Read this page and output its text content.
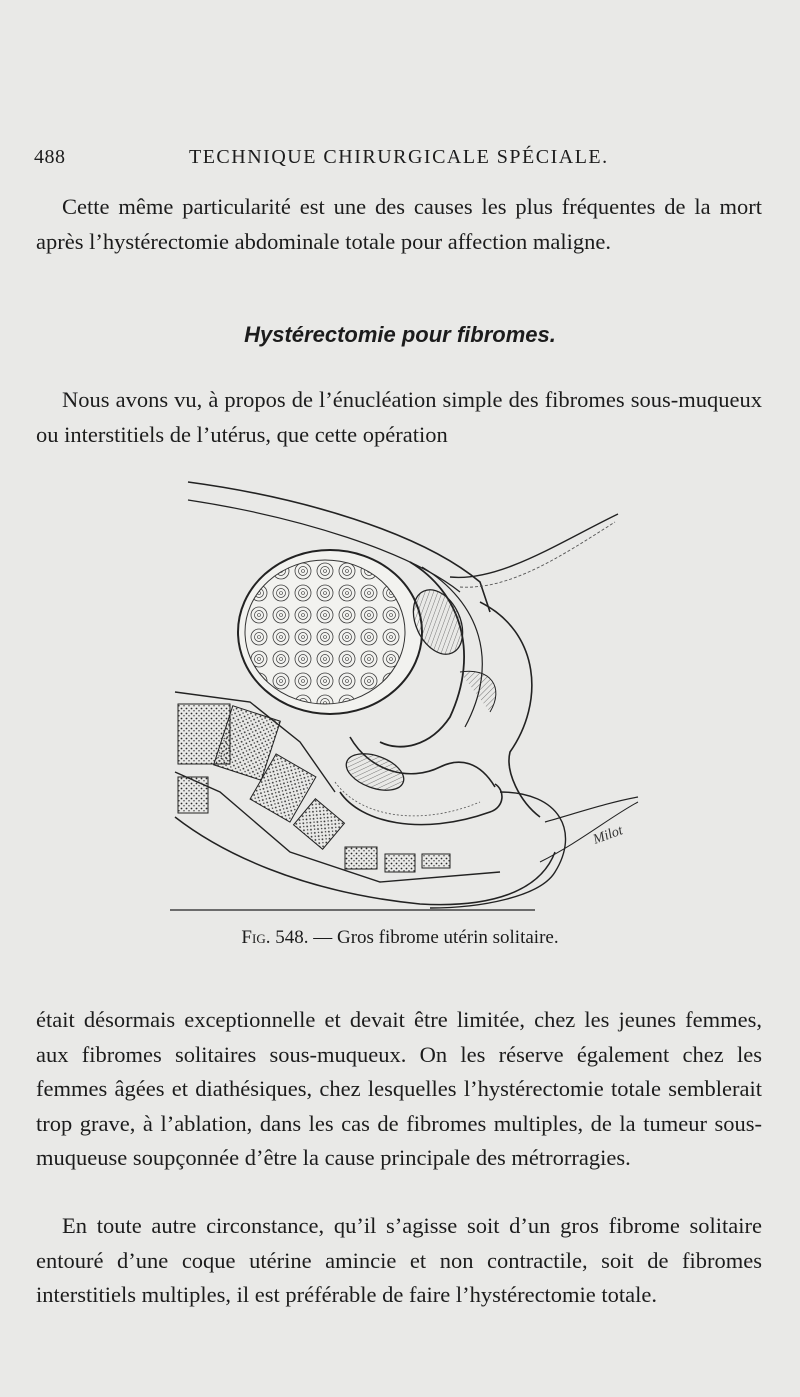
488	TECHNIQUE CHIRURGICALE SPÉCIALE.

Cette même particularité est une des causes les plus fréquentes de la mort après l’hystérectomie abdominale totale pour affection maligne.

Hystérectomie pour fibromes.

Nous avons vu, à propos de l’énucléation simple des fibromes sous-muqueux ou interstitiels de l’utérus, que cette opération

Milot

Fig. 548. — Gros fibrome utérin solitaire.

était désormais exceptionnelle et devait être limitée, chez les jeunes femmes, aux fibromes solitaires sous-muqueux. On les réserve également chez les femmes âgées et diathésiques, chez lesquelles l’hystérectomie totale semblerait trop grave, à l’ablation, dans les cas de fibromes multiples, de la tumeur sous-muqueuse soupçonnée d’être la cause principale des métrorragies.

En toute autre circonstance, qu’il s’agisse soit d’un gros fibrome solitaire entouré d’une coque utérine amincie et non contractile, soit de fibromes interstitiels multiples, il est préférable de faire l’hystérectomie totale.
